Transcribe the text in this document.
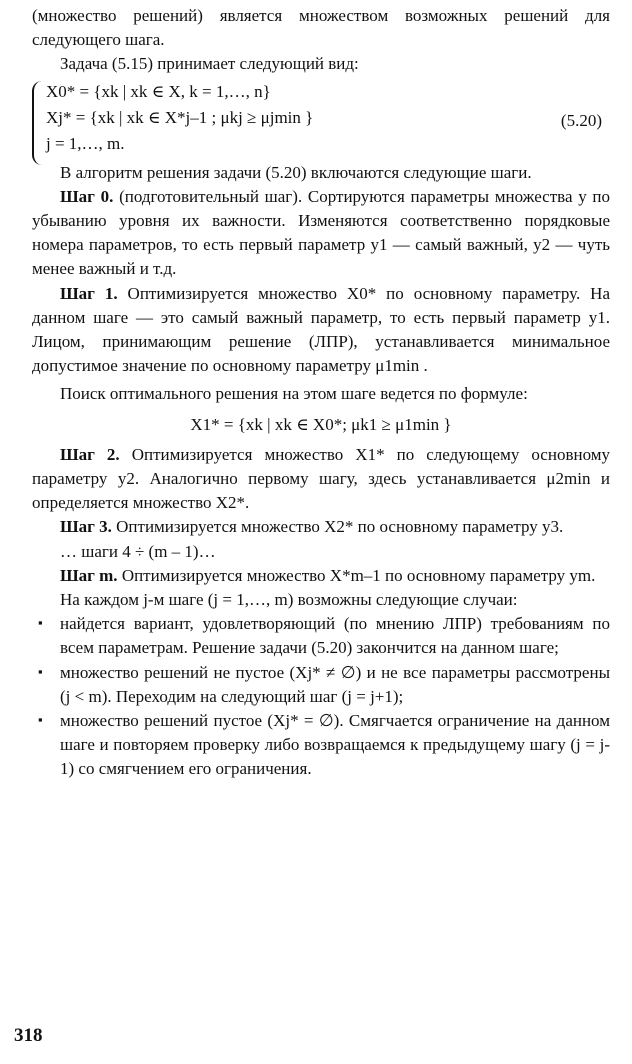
(множество решений) является множеством возможных решений для следующего шага.

Задача (5.15) принимает следующий вид:

X0* = {xk | xk ∈ X, k = 1,…, n}
Xj* = {xk | xk ∈ X*j–1 ; μkj ≥ μjmin }
j = 1,…, m.
(5.20)

В алгоритм решения задачи (5.20) включаются следующие шаги.

Шаг 0. (подготовительный шаг). Сортируются параметры множества y по убыванию уровня их важности. Изменяются соответственно порядковые номера параметров, то есть первый параметр y1 — самый важный, y2 — чуть менее важный и т.д.

Шаг 1. Оптимизируется множество X0* по основному параметру. На данном шаге — это самый важный параметр, то есть первый параметр y1. Лицом, принимающим решение (ЛПР), устанавливается минимальное допустимое значение по основному параметру μ1min .

Поиск оптимального решения на этом шаге ведется по формуле:

X1* = {xk | xk ∈ X0*; μk1 ≥ μ1min }

Шаг 2. Оптимизируется множество X1* по следующему основному параметру y2. Аналогично первому шагу, здесь устанавливается μ2min и определяется множество X2*.

Шаг 3. Оптимизируется множество X2* по основному параметру y3.

… шаги 4 ÷ (m – 1)…

Шаг m. Оптимизируется множество X*m–1 по основному параметру ym.

На каждом j-м шаге (j = 1,…, m) возможны следующие случаи:

▪ найдется вариант, удовлетворяющий (по мнению ЛПР) требованиям по всем параметрам. Решение задачи (5.20) закончится на данном шаге;
▪ множество решений не пустое (Xj* ≠ ∅) и не все параметры рассмотрены (j < m). Переходим на следующий шаг (j = j+1);
▪ множество решений пустое (Xj* = ∅). Смягчается ограничение на данном шаге и повторяем проверку либо возвращаемся к предыдущему шагу (j = j-1) со смягчением его ограничения.
318
